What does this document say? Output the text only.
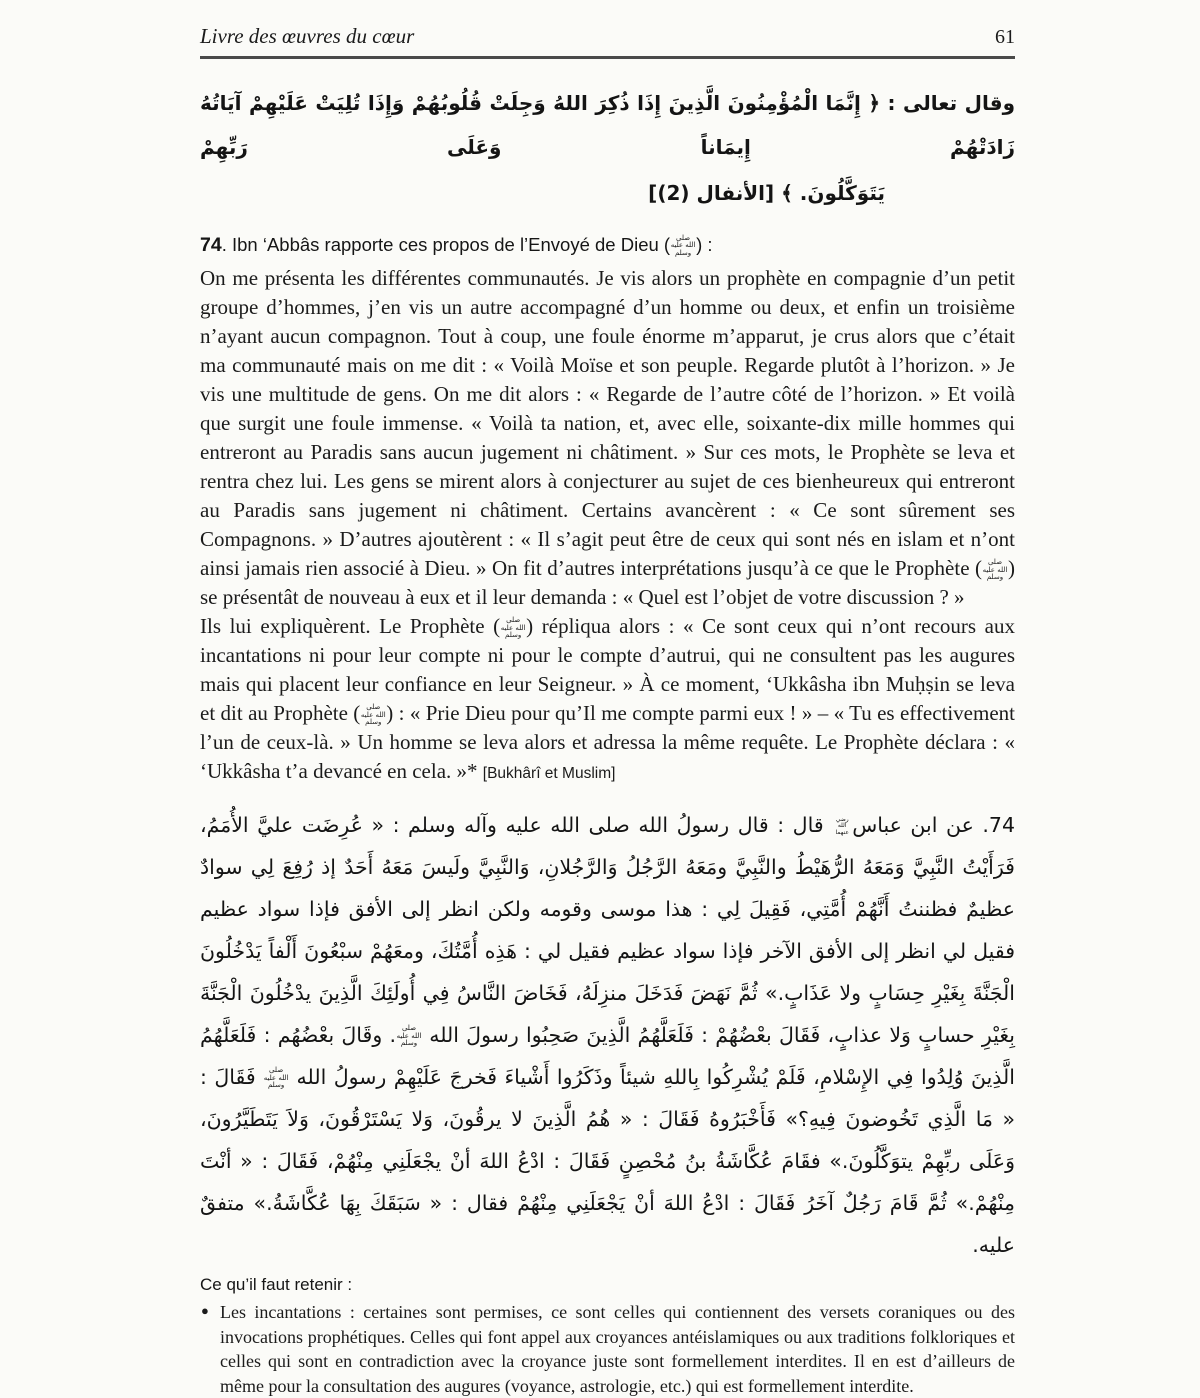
Livre des œuvres du cœur	61
وقال تعالى : ﴿ إِنَّمَا الْمُؤْمِنُونَ الَّذِينَ إِذَا ذُكِرَ اللهُ وَجِلَتْ قُلُوبُهُمْ وَإِذَا تُلِيَتْ عَلَيْهِمْ آيَاتُهُ زَادَتْهُمْ إِيمَاناً وَعَلَى رَبِّهِمْ
يَتَوَكَّلُونَ. ﴾ [الأنفال (2)]
74. Ibn ‘Abbâs rapporte ces propos de l’Envoyé de Dieu ( صلى الله عليه وسلم ) :

On me présenta les différentes communautés. Je vis alors un prophète en compagnie d’un petit groupe d’hommes, j’en vis un autre accompagné d’un homme ou deux, et enfin un troisième n’ayant aucun compagnon. Tout à coup, une foule énorme m’apparut, je crus alors que c’était ma communauté mais on me dit : « Voilà Moïse et son peuple. Regarde plutôt à l’horizon. » Je vis une multitude de gens. On me dit alors : « Regarde de l’autre côté de l’horizon. » Et voilà que surgit une foule immense. « Voilà ta nation, et, avec elle, soixante-dix mille hommes qui entreront au Paradis sans aucun jugement ni châtiment. » Sur ces mots, le Prophète se leva et rentra chez lui. Les gens se mirent alors à conjecturer au sujet de ces bienheureux qui entreront au Paradis sans jugement ni châtiment. Certains avancèrent : « Ce sont sûrement ses Compagnons. » D’autres ajoutèrent : « Il s’agit peut être de ceux qui sont nés en islam et n’ont ainsi jamais rien associé à Dieu. » On fit d’autres interprétations jusqu’à ce que le Prophète ( صلى الله عليه وسلم ) se présentât de nouveau à eux et il leur demanda : « Quel est l’objet de votre discussion ? »

Ils lui expliquèrent. Le Prophète ( صلى الله عليه وسلم ) répliqua alors : « Ce sont ceux qui n’ont recours aux incantations ni pour leur compte ni pour le compte d’autrui, qui ne consultent pas les augures mais qui placent leur confiance en leur Seigneur. » À ce moment, ‘Ukkâsha ibn Muḥṣin se leva et dit au Prophète ( صلى الله عليه وسلم ) : « Prie Dieu pour qu’Il me compte parmi eux ! » – « Tu es effectivement l’un de ceux-là. » Un homme se leva alors et adressa la même requête. Le Prophète déclara : « ‘Ukkâsha t’a devancé en cela. »* [Bukhârî et Muslim]

74. عن ابن عباسرضي الله عنهما قال : قال رسولُ الله صلى الله عليه وآله وسلم : « عُرِضَت عليَّ الأُمَمُ، فَرَأَيْتُ النَّبِيَّ وَمَعَهُ الرُّهَيْطُ والنَّبِيَّ ومَعَهُ الرَّجُلُ وَالرَّجُلانِ، وَالنَّبِيَّ ولَيسَ مَعَهُ أَحَدٌ إذ رُفِعَ لِي سوادٌ عظيمٌ فظننتُ أَنَّهُمْ أُمَّتِي، فَقِيلَ لِي : هذا موسى وقومه ولكن انظر إلى الأفق فإذا سواد عظيم فقيل لي انظر إلى الأفق الآخر فإذا سواد عظيم فقيل لي : هَذِه أُمَّتُكَ، ومعَهُمْ سبْعُونَ أَلْفاً يَدْخُلُونَ الْجَنَّةَ بِغَيْرِ حِسَابٍ ولا عَذَابٍ.» ثُمَّ نَهَضَ فَدَخَلَ منزِلَهُ، فَخَاضَ النَّاسُ فِي أُولَئِكَ الَّذِينَ يدْخُلُونَ الْجَنَّةَ بِغَيْرِ حسابٍ وَلا عذابٍ، فَقَالَ بعْضُهُمْ : فَلَعَلَّهُمُ الَّذِينَ صَحِبُوا رسولَ الله صلى الله عليه وسلم. وقَالَ بعْضُهُم : فَلَعَلَّهُمُ الَّذِينَ وُلِدُوا فِي الإِسْلامِ، فَلَمْ يُشْرِكُوا بِاللهِ شيئاً وذَكَرُوا أَشْياءَ فَخرجَ عَلَيْهِمْ رسولُ الله صلى الله عليه وسلم فَقَالَ : « مَا الَّذِي تَخُوضونَ فِيهِ؟» فَأَخْبَرُوهُ فَقَالَ : « هُمُ الَّذِينَ لا يرقُونَ، وَلا يَسْتَرْقُونَ، وَلاَ يَتَطَيَّرُونَ، وَعَلَى ربِّهِمْ يتوَكَّلُونَ.» فقَامَ عُكَّاشَةُ بنُ مُحْصِنٍ فَقَالَ : ادْعُ اللهَ أنْ يجْعَلَنِي مِنْهُمْ، فَقَالَ : « أنْتَ مِنْهُمْ.» ثُمَّ قَامَ رَجُلٌ آخَرُ فَقَالَ : ادْعُ اللهَ أنْ يَجْعَلَنِي مِنْهُمْ فقال : « سَبَقَكَ بِهَا عُكَّاشَةُ.» متفقٌ عليه.
Ce qu’il faut retenir :
● Les incantations : certaines sont permises, ce sont celles qui contiennent des versets coraniques ou des invocations prophétiques. Celles qui font appel aux croyances antéislamiques ou aux traditions folkloriques et celles qui sont en contradiction avec la croyance juste sont formellement interdites. Il en est d’ailleurs de même pour la consultation des augures (voyance, astrologie, etc.) qui est formellement interdite.
